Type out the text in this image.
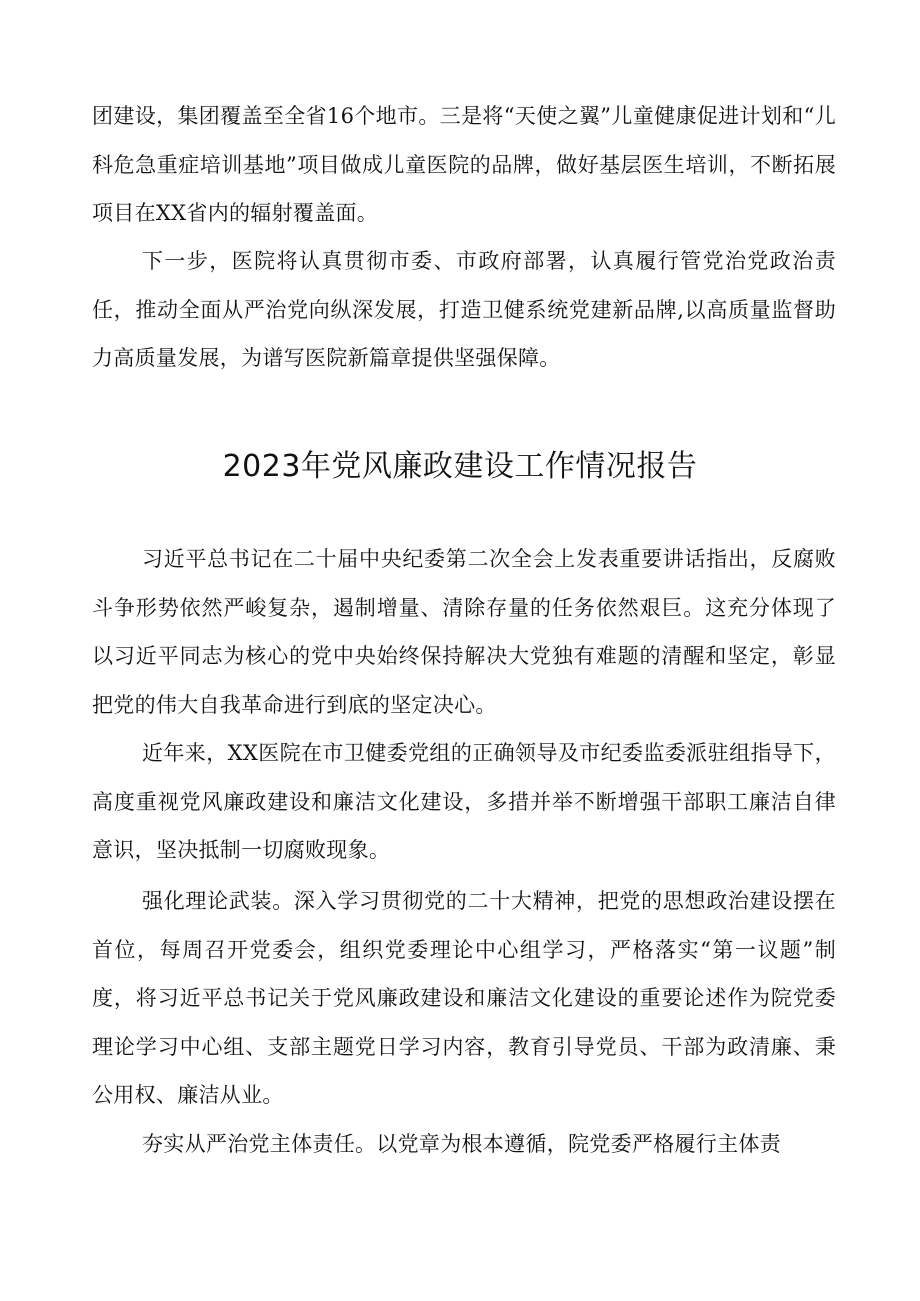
团建设，集团覆盖至全省16个地市。三是将“天使之翼”儿童健康促进计划和“儿科危急重症培训基地”项目做成儿童医院的品牌，做好基层医生培训，不断拓展项目在XX省内的辐射覆盖面。

下一步，医院将认真贯彻市委、市政府部署，认真履行管党治党政治责任，推动全面从严治党向纵深发展，打造卫健系统党建新品牌,以高质量监督助力高质量发展，为谱写医院新篇章提供坚强保障。

2023年党风廉政建设工作情况报告

习近平总书记在二十届中央纪委第二次全会上发表重要讲话指出，反腐败斗争形势依然严峻复杂，遏制增量、清除存量的任务依然艰巨。这充分体现了以习近平同志为核心的党中央始终保持解决大党独有难题的清醒和坚定，彰显把党的伟大自我革命进行到底的坚定决心。

近年来，XX医院在市卫健委党组的正确领导及市纪委监委派驻组指导下，高度重视党风廉政建设和廉洁文化建设，多措并举不断增强干部职工廉洁自律意识，坚决抵制一切腐败现象。

强化理论武装。深入学习贯彻党的二十大精神，把党的思想政治建设摆在首位，每周召开党委会，组织党委理论中心组学习，严格落实“第一议题”制度，将习近平总书记关于党风廉政建设和廉洁文化建设的重要论述作为院党委理论学习中心组、支部主题党日学习内容，教育引导党员、干部为政清廉、秉公用权、廉洁从业。

夯实从严治党主体责任。以党章为根本遵循，院党委严格履行主体责
